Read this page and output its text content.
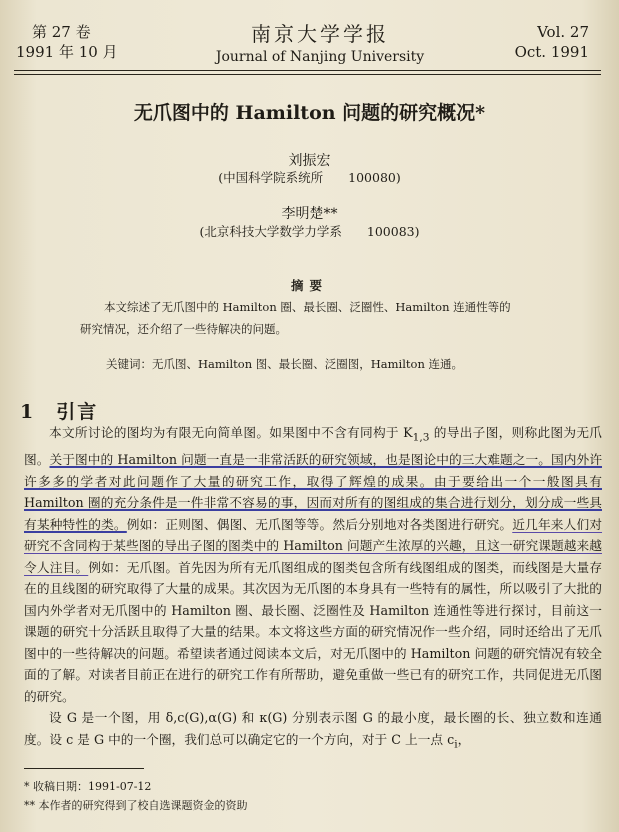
第 27 卷
1991 年 10 月
南京大学学报
Journal of Nanjing University
Vol. 27
Oct. 1991
无爪图中的 Hamilton 问题的研究概况*
刘振宏
(中国科学院系统所　　100080)
李明楚**
(北京科技大学数学力学系　　100083)
摘要
本文综述了无爪图中的 Hamilton 圈、最长圈、泛圈性、Hamilton 连通性等的研究情况，还介绍了一些待解决的问题。
关键词：无爪图、Hamilton 图、最长圈、泛圈图，Hamilton 连通。
1　引言

本文所讨论的图均为有限无向简单图。如果图中不含有同构于 $K_{1,3}$ 的导出子图，则称此图为无爪图。关于图中的 Hamilton 问题一直是一非常活跃的研究领域，也是图论中的三大难题之一。国内外许许多多的学者对此问题作了大量的研究工作，取得了辉煌的成果。由于要给出一个一般图具有 Hamilton 圈的充分条件是一件非常不容易的事，因而对所有的图组成的集合进行划分，划分成一些具有某种特性的类。例如：正则图、偶图、无爪图等等。然后分别地对各类图进行研究。近几年来人们对研究不含同构于某些图的导出子图的图类中的 Hamilton 问题产生浓厚的兴趣，且这一研究课题越来越令人注目。例如：无爪图。首先因为所有无爪图组成的图类包含所有线图组成的图类，而线图是大量存在的且线图的研究取得了大量的成果。其次因为无爪图的本身具有一些特有的属性，所以吸引了大批的国内外学者对无爪图中的 Hamilton 圈、最长圈、泛圈性及 Hamilton 连通性等进行探讨，目前这一课题的研究十分活跃且取得了大量的结果。本文将这些方面的研究情况作一些介绍，同时还给出了无爪图中的一些待解决的问题。希望读者通过阅读本文后，对无爪图中的 Hamilton 问题的研究情况有较全面的了解。对读者目前正在进行的研究工作有所帮助，避免重做一些已有的研究工作，共同促进无爪图的研究。

设 G 是一个图，用 δ,c(G),α(G) 和 κ(G) 分别表示图 G 的最小度，最长圈的长、独立数和连通度。设 c 是 G 中的一个圈，我们总可以确定它的一个方向，对于 C 上一点 $c_i$，

* 收稿日期：1991-07-12
** 本作者的研究得到了校自选课题资金的资助
